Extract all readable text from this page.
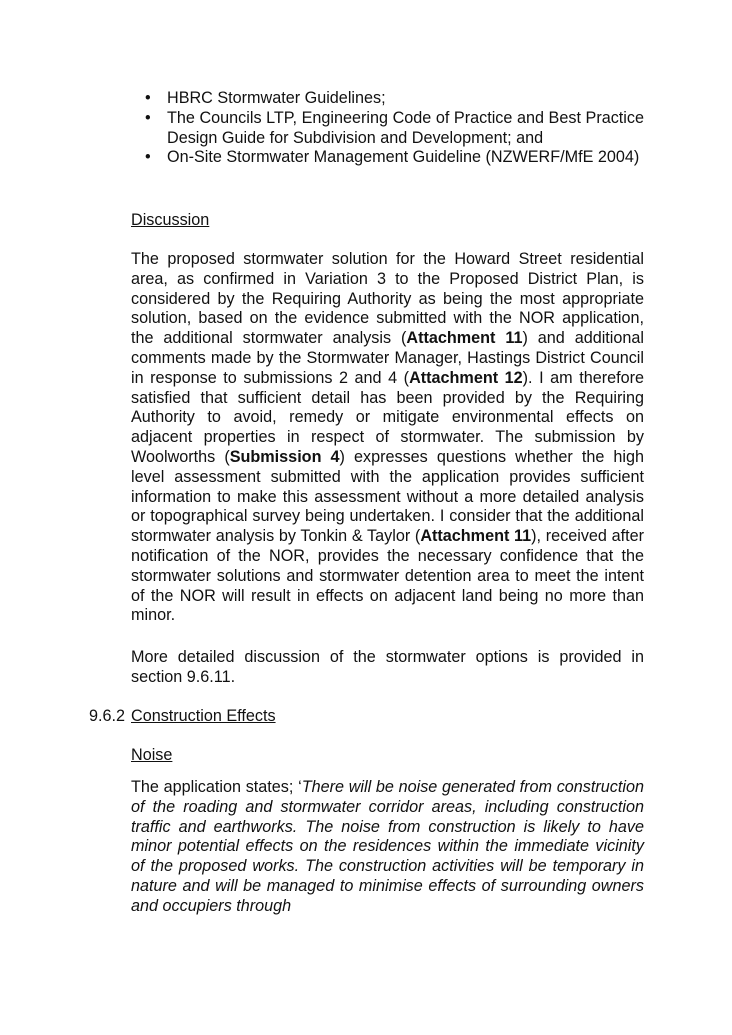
• HBRC Stormwater Guidelines;
• The Councils LTP, Engineering Code of Practice and Best Practice Design Guide for Subdivision and Development; and
• On-Site Stormwater Management Guideline (NZWERF/MfE 2004)
Discussion
The proposed stormwater solution for the Howard Street residential area, as confirmed in Variation 3 to the Proposed District Plan, is considered by the Requiring Authority as being the most appropriate solution, based on the evidence submitted with the NOR application, the additional stormwater analysis (Attachment 11) and additional comments made by the Stormwater Manager, Hastings District Council in response to submissions 2 and 4 (Attachment 12). I am therefore satisfied that sufficient detail has been provided by the Requiring Authority to avoid, remedy or mitigate environmental effects on adjacent properties in respect of stormwater. The submission by Woolworths (Submission 4) expresses questions whether the high level assessment submitted with the application provides sufficient information to make this assessment without a more detailed analysis or topographical survey being undertaken. I consider that the additional stormwater analysis by Tonkin & Taylor (Attachment 11), received after notification of the NOR, provides the necessary confidence that the stormwater solutions and stormwater detention area to meet the intent of the NOR will result in effects on adjacent land being no more than minor.
More detailed discussion of the stormwater options is provided in section 9.6.11.
9.6.2 Construction Effects
Noise
The application states; ‘There will be noise generated from construction of the roading and stormwater corridor areas, including construction traffic and earthworks. The noise from construction is likely to have minor potential effects on the residences within the immediate vicinity of the proposed works. The construction activities will be temporary in nature and will be managed to minimise effects of surrounding owners and occupiers through
